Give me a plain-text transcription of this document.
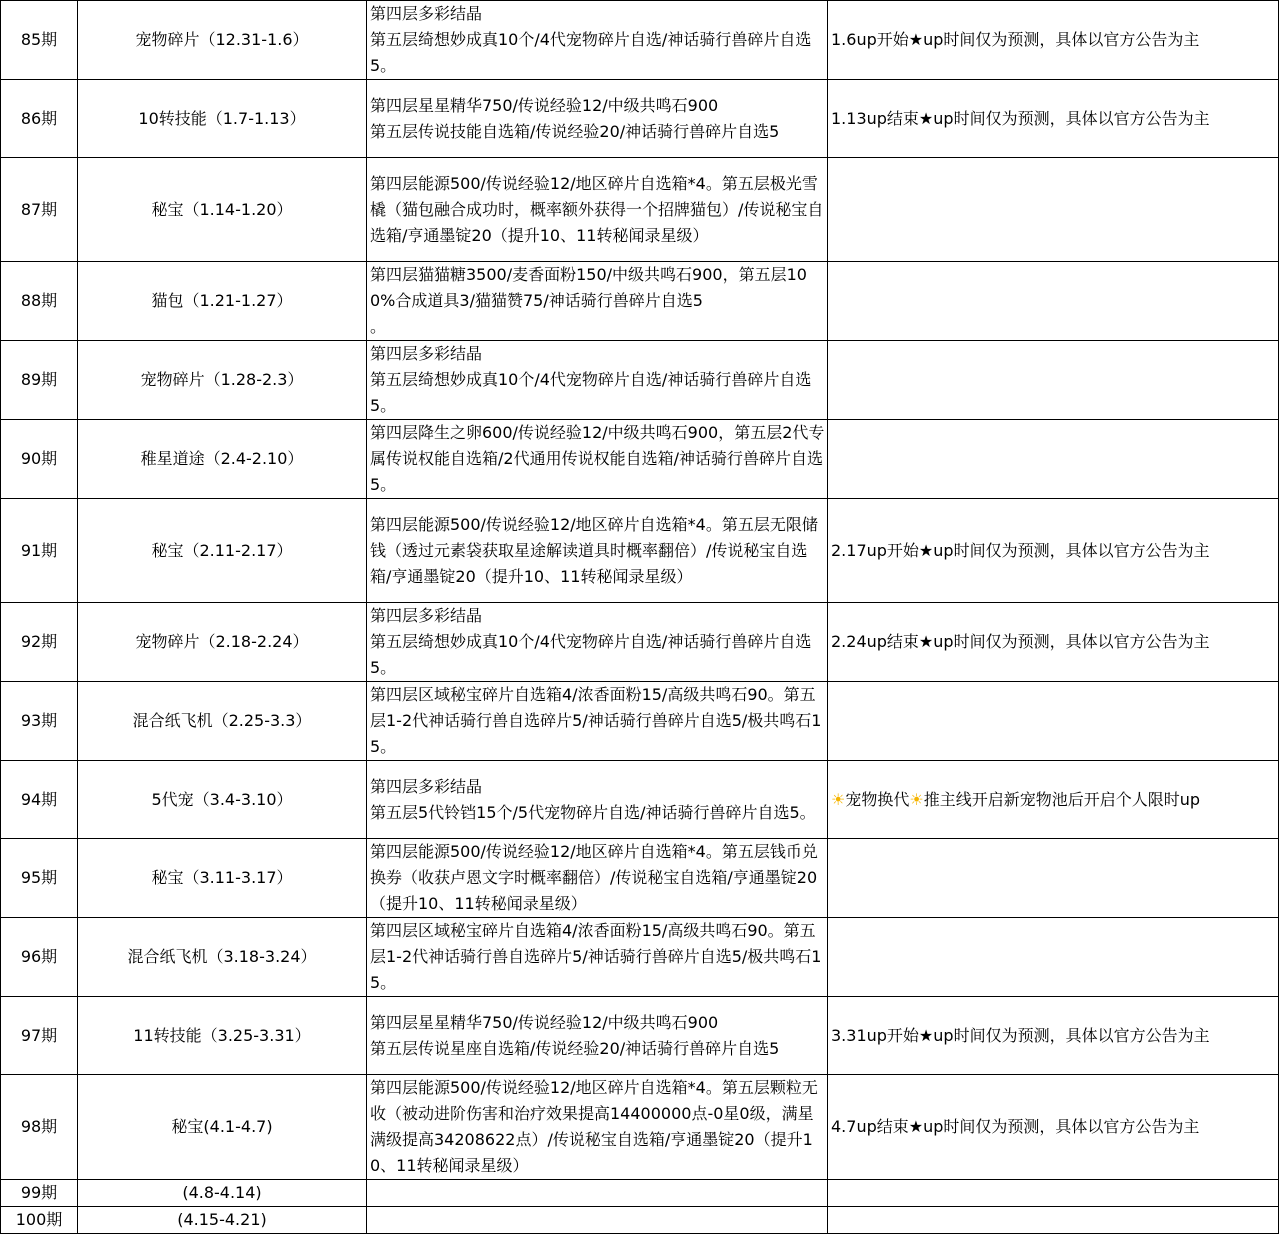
85期	宠物碎片（12.31-1.6）	第四层多彩结晶
第五层绮想妙成真10个/4代宠物碎片自选/神话骑行兽碎片自选5。	1.6up开始★up时间仅为预测，具体以官方公告为主
86期	10转技能（1.7-1.13）	第四层星星精华750/传说经验12/中级共鸣石900
第五层传说技能自选箱/传说经验20/神话骑行兽碎片自选5	1.13up结束★up时间仅为预测，具体以官方公告为主
87期	秘宝（1.14-1.20）	第四层能源500/传说经验12/地区碎片自选箱*4。第五层极光雪橇（猫包融合成功时，概率额外获得一个招牌猫包）/传说秘宝自选箱/亨通墨锭20（提升10、11转秘闻录星级）	
88期	猫包（1.21-1.27）	第四层猫猫糖3500/麦香面粉150/中级共鸣石900，第五层100%合成道具3/猫猫赞75/神话骑行兽碎片自选5
。	
89期	宠物碎片（1.28-2.3）	第四层多彩结晶
第五层绮想妙成真10个/4代宠物碎片自选/神话骑行兽碎片自选5。	
90期	稚星道途（2.4-2.10）	第四层降生之卵600/传说经验12/中级共鸣石900，第五层2代专属传说权能自选箱/2代通用传说权能自选箱/神话骑行兽碎片自选5。	
91期	秘宝（2.11-2.17）	第四层能源500/传说经验12/地区碎片自选箱*4。第五层无限储钱（透过元素袋获取星途解读道具时概率翻倍）/传说秘宝自选箱/亨通墨锭20（提升10、11转秘闻录星级）	2.17up开始★up时间仅为预测，具体以官方公告为主
92期	宠物碎片（2.18-2.24）	第四层多彩结晶
第五层绮想妙成真10个/4代宠物碎片自选/神话骑行兽碎片自选5。	2.24up结束★up时间仅为预测，具体以官方公告为主
93期	混合纸飞机（2.25-3.3）	第四层区域秘宝碎片自选箱4/浓香面粉15/高级共鸣石90。第五层1-2代神话骑行兽自选碎片5/神话骑行兽碎片自选5/极共鸣石15。	
94期	5代宠（3.4-3.10）	第四层多彩结晶
第五层5代铃铛15个/5代宠物碎片自选/神话骑行兽碎片自选5。	☀宠物换代☀推主线开启新宠物池后开启个人限时up
95期	秘宝（3.11-3.17）	第四层能源500/传说经验12/地区碎片自选箱*4。第五层钱币兑换券（收获卢恩文字时概率翻倍）/传说秘宝自选箱/亨通墨锭20（提升10、11转秘闻录星级）	
96期	混合纸飞机（3.18-3.24）	第四层区域秘宝碎片自选箱4/浓香面粉15/高级共鸣石90。第五层1-2代神话骑行兽自选碎片5/神话骑行兽碎片自选5/极共鸣石15。	
97期	11转技能（3.25-3.31）	第四层星星精华750/传说经验12/中级共鸣石900
第五层传说星座自选箱/传说经验20/神话骑行兽碎片自选5	3.31up开始★up时间仅为预测，具体以官方公告为主
98期	秘宝(4.1-4.7)	第四层能源500/传说经验12/地区碎片自选箱*4。第五层颗粒无收（被动进阶伤害和治疗效果提高14400000点-0星0级，满星满级提高34208622点）/传说秘宝自选箱/亨通墨锭20（提升10、11转秘闻录星级）	4.7up结束★up时间仅为预测，具体以官方公告为主
99期	(4.8-4.14)		
100期	(4.15-4.21)		
